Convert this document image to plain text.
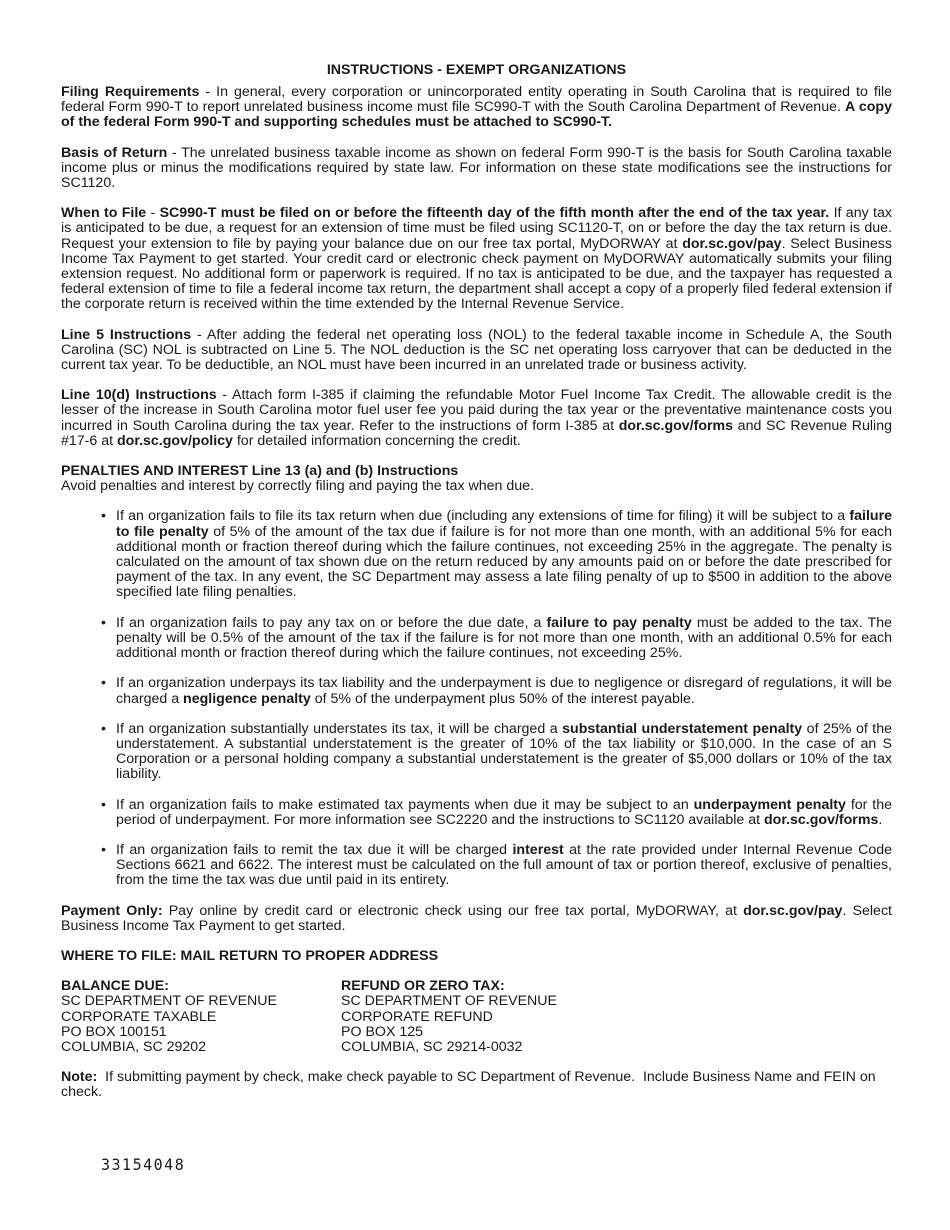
INSTRUCTIONS - EXEMPT ORGANIZATIONS

Filing Requirements - In general, every corporation or unincorporated entity operating in South Carolina that is required to file federal Form 990-T to report unrelated business income must file SC990-T with the South Carolina Department of Revenue. A copy of the federal Form 990-T and supporting schedules must be attached to SC990-T.

Basis of Return - The unrelated business taxable income as shown on federal Form 990-T is the basis for South Carolina taxable income plus or minus the modifications required by state law. For information on these state modifications see the instructions for SC1120.

When to File - SC990-T must be filed on or before the fifteenth day of the fifth month after the end of the tax year. If any tax is anticipated to be due, a request for an extension of time must be filed using SC1120-T, on or before the day the tax return is due. Request your extension to file by paying your balance due on our free tax portal, MyDORWAY at dor.sc.gov/pay. Select Business Income Tax Payment to get started. Your credit card or electronic check payment on MyDORWAY automatically submits your filing extension request. No additional form or paperwork is required. If no tax is anticipated to be due, and the taxpayer has requested a federal extension of time to file a federal income tax return, the department shall accept a copy of a properly filed federal extension if the corporate return is received within the time extended by the Internal Revenue Service.

Line 5 Instructions - After adding the federal net operating loss (NOL) to the federal taxable income in Schedule A, the South Carolina (SC) NOL is subtracted on Line 5. The NOL deduction is the SC net operating loss carryover that can be deducted in the current tax year. To be deductible, an NOL must have been incurred in an unrelated trade or business activity.

Line 10(d) Instructions - Attach form I-385 if claiming the refundable Motor Fuel Income Tax Credit. The allowable credit is the lesser of the increase in South Carolina motor fuel user fee you paid during the tax year or the preventative maintenance costs you incurred in South Carolina during the tax year. Refer to the instructions of form I-385 at dor.sc.gov/forms and SC Revenue Ruling #17-6 at dor.sc.gov/policy for detailed information concerning the credit.

PENALTIES AND INTEREST Line 13 (a) and (b) Instructions
Avoid penalties and interest by correctly filing and paying the tax when due.
• If an organization fails to file its tax return when due (including any extensions of time for filing) it will be subject to a failure to file penalty of 5% of the amount of the tax due if failure is for not more than one month, with an additional 5% for each additional month or fraction thereof during which the failure continues, not exceeding 25% in the aggregate. The penalty is calculated on the amount of tax shown due on the return reduced by any amounts paid on or before the date prescribed for payment of the tax. In any event, the SC Department may assess a late filing penalty of up to $500 in addition to the above specified late filing penalties.
• If an organization fails to pay any tax on or before the due date, a failure to pay penalty must be added to the tax. The penalty will be 0.5% of the amount of the tax if the failure is for not more than one month, with an additional 0.5% for each additional month or fraction thereof during which the failure continues, not exceeding 25%.
• If an organization underpays its tax liability and the underpayment is due to negligence or disregard of regulations, it will be charged a negligence penalty of 5% of the underpayment plus 50% of the interest payable.
• If an organization substantially understates its tax, it will be charged a substantial understatement penalty of 25% of the understatement. A substantial understatement is the greater of 10% of the tax liability or $10,000. In the case of an S Corporation or a personal holding company a substantial understatement is the greater of $5,000 dollars or 10% of the tax liability.
• If an organization fails to make estimated tax payments when due it may be subject to an underpayment penalty for the period of underpayment. For more information see SC2220 and the instructions to SC1120 available at dor.sc.gov/forms.
• If an organization fails to remit the tax due it will be charged interest at the rate provided under Internal Revenue Code Sections 6621 and 6622. The interest must be calculated on the full amount of tax or portion thereof, exclusive of penalties, from the time the tax was due until paid in its entirety.

Payment Only: Pay online by credit card or electronic check using our free tax portal, MyDORWAY, at dor.sc.gov/pay. Select Business Income Tax Payment to get started.

WHERE TO FILE: MAIL RETURN TO PROPER ADDRESS
BALANCE DUE:
SC DEPARTMENT OF REVENUE
CORPORATE TAXABLE
PO BOX 100151
COLUMBIA, SC 29202
REFUND OR ZERO TAX:
SC DEPARTMENT OF REVENUE
CORPORATE REFUND
PO BOX 125
COLUMBIA, SC 29214-0032

Note:  If submitting payment by check, make check payable to SC Department of Revenue.  Include Business Name and FEIN on check.

33154048
